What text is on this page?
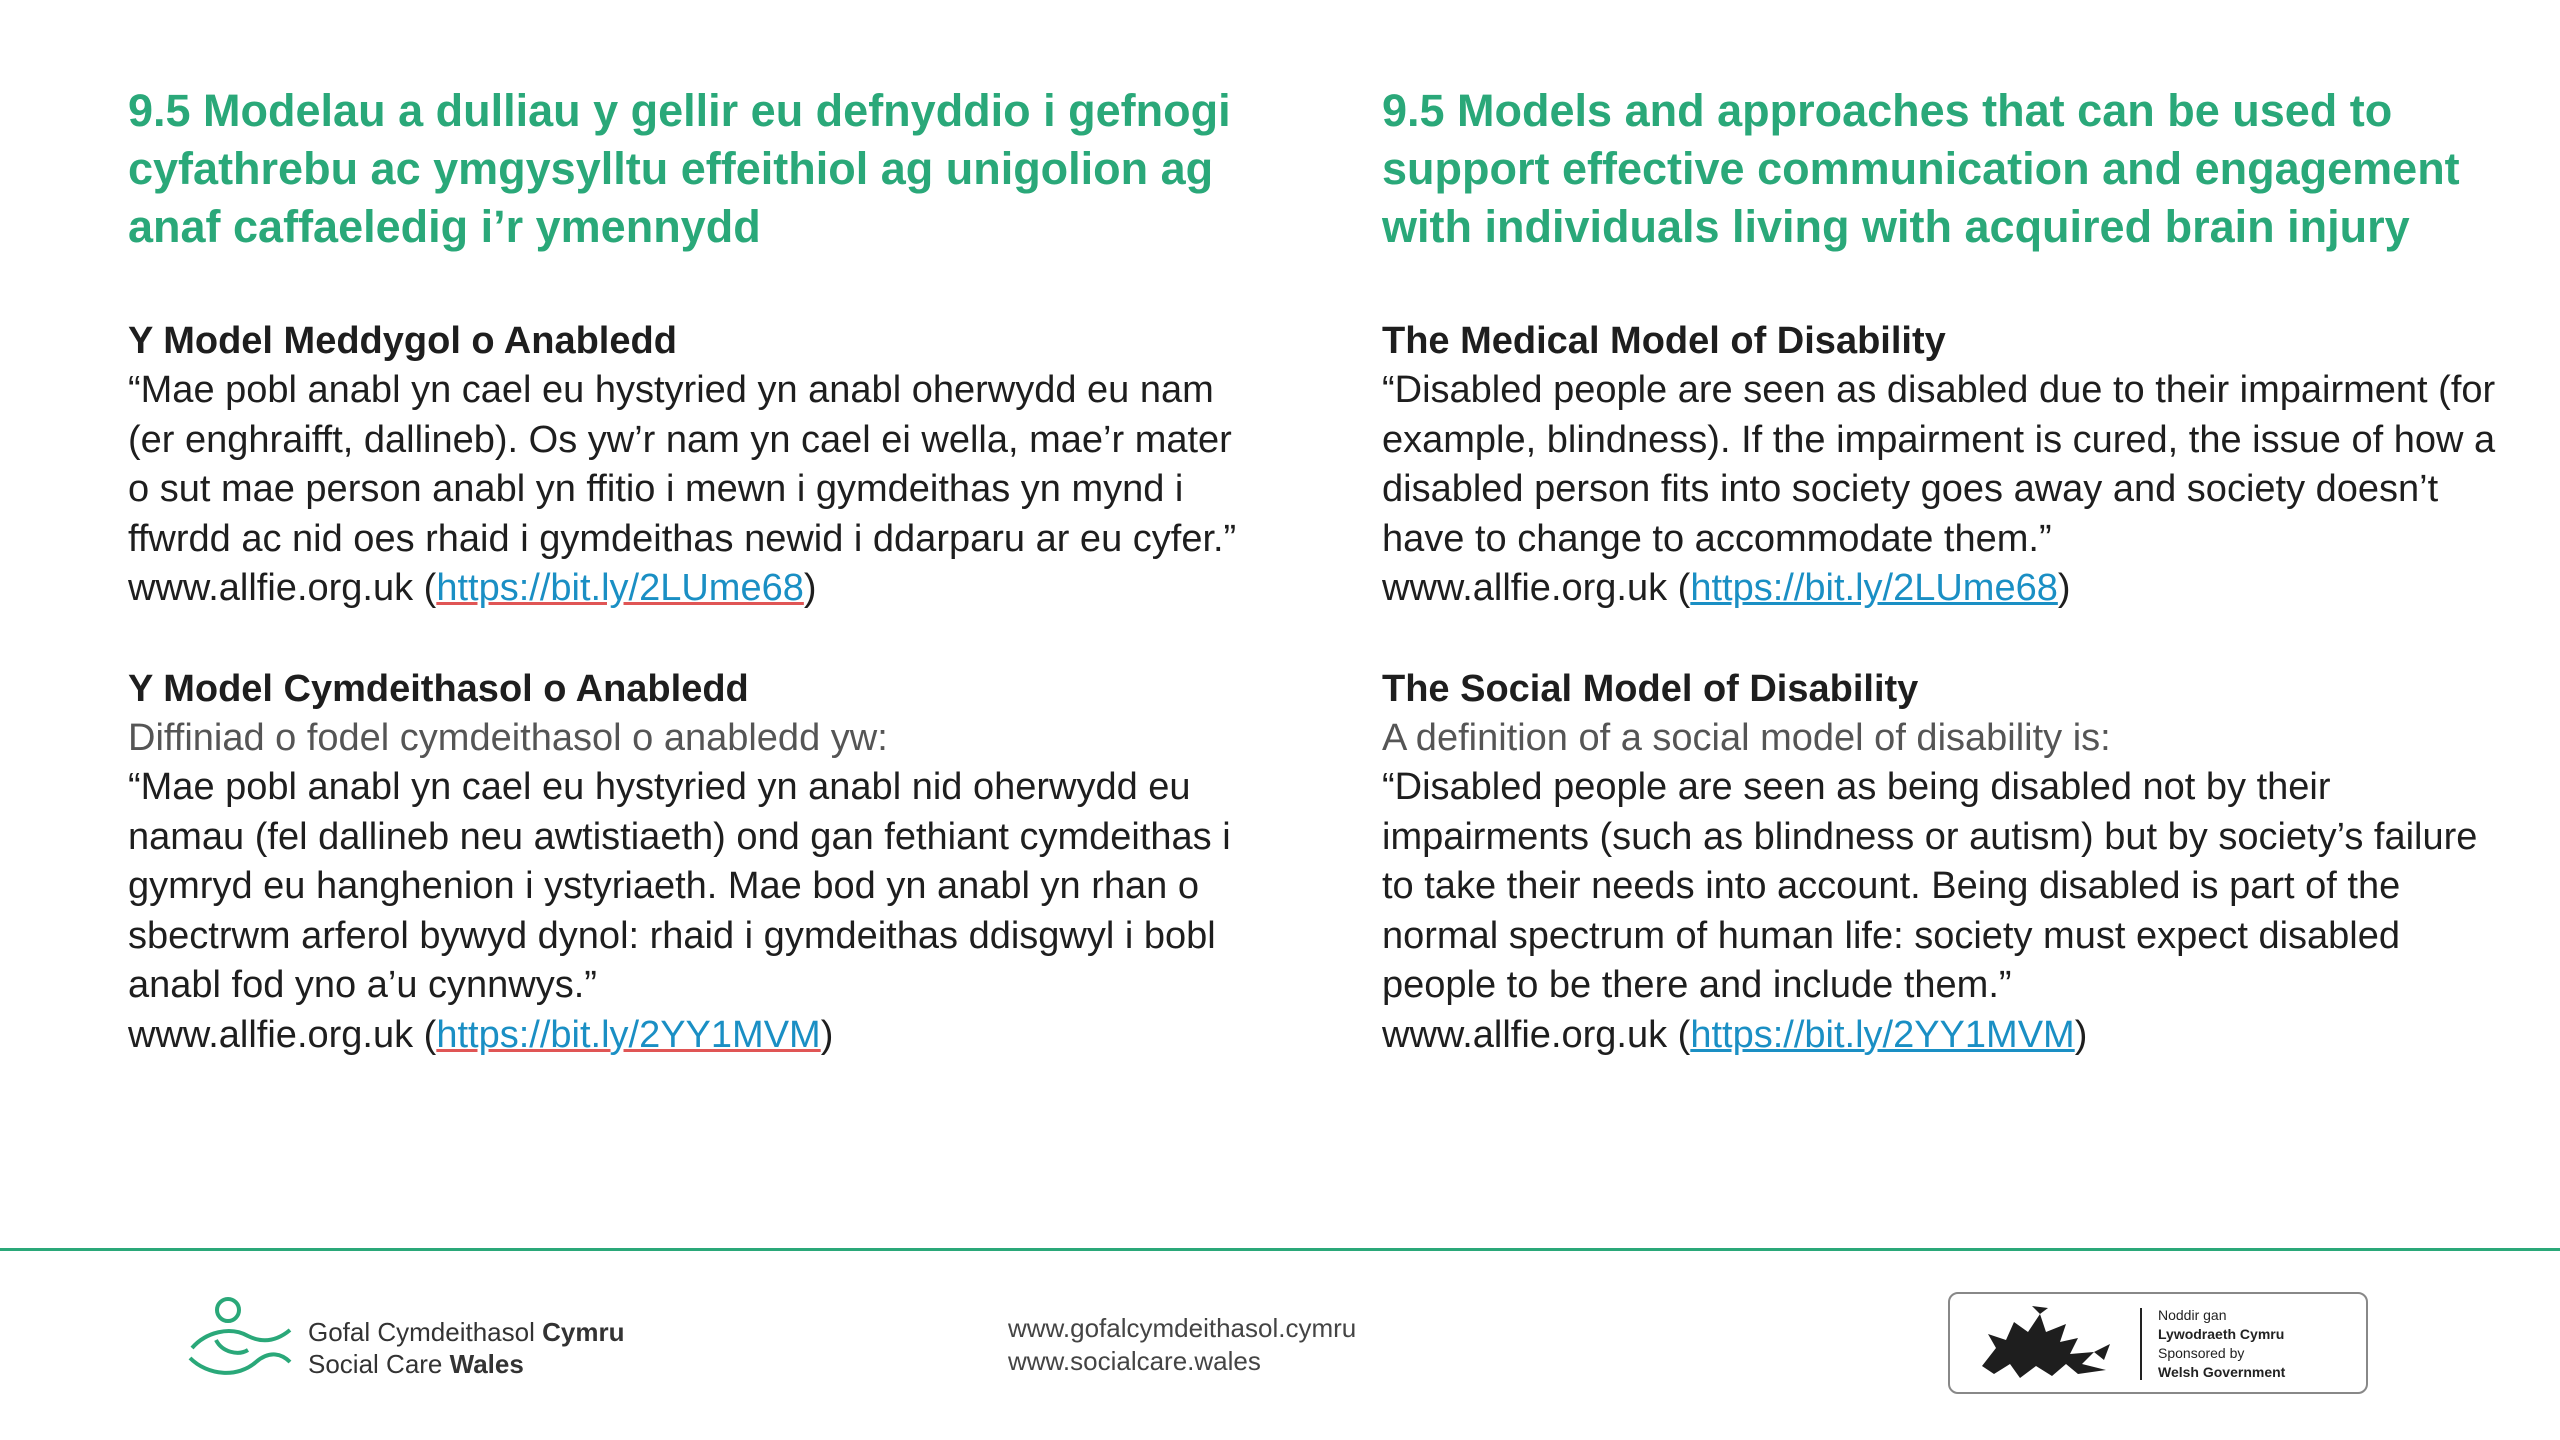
9.5 Modelau a dulliau y gellir eu defnyddio i gefnogi cyfathrebu ac ymgysylltu effeithiol ag unigolion ag anaf caffaeledig i’r ymennydd
Y Model Meddygol o Anabledd
“Mae pobl anabl yn cael eu hystyried yn anabl oherwydd eu nam (er enghraifft, dallineb). Os yw’r nam yn cael ei wella, mae’r mater o sut mae person anabl yn ffitio i mewn i gymdeithas yn mynd i ffwrdd ac nid oes rhaid i gymdeithas newid i ddarparu ar eu cyfer.”
www.allfie.org.uk (https://bit.ly/2LUme68)
Y Model Cymdeithasol o Anabledd
Diffiniad o fodel cymdeithasol o anabledd yw:
“Mae pobl anabl yn cael eu hystyried yn anabl nid oherwydd eu namau (fel dallineb neu awtistiaeth) ond gan fethiant cymdeithas i gymryd eu hanghenion i ystyriaeth. Mae bod yn anabl yn rhan o sbectrwm arferol bywyd dynol: rhaid i gymdeithas ddisgwyl i bobl anabl fod yno a’u cynnwys.”
www.allfie.org.uk (https://bit.ly/2YY1MVM)
9.5 Models and approaches that can be used to support effective communication and engagement with individuals living with acquired brain injury
The Medical Model of Disability
“Disabled people are seen as disabled due to their impairment (for example, blindness). If the impairment is cured, the issue of how a disabled person fits into society goes away and society doesn’t have to change to accommodate them.”
www.allfie.org.uk (https://bit.ly/2LUme68)
The Social Model of Disability
A definition of a social model of disability is:
“Disabled people are seen as being disabled not by their impairments (such as blindness or autism) but by society’s failure to take their needs into account. Being disabled is part of the normal spectrum of human life: society must expect disabled people to be there and include them.”
www.allfie.org.uk (https://bit.ly/2YY1MVM)
Gofal Cymdeithasol Cymru
Social Care Wales
www.gofalcymdeithasol.cymru
www.socialcare.wales
Noddir gan
Lywodraeth Cymru
Sponsored by
Welsh Government
